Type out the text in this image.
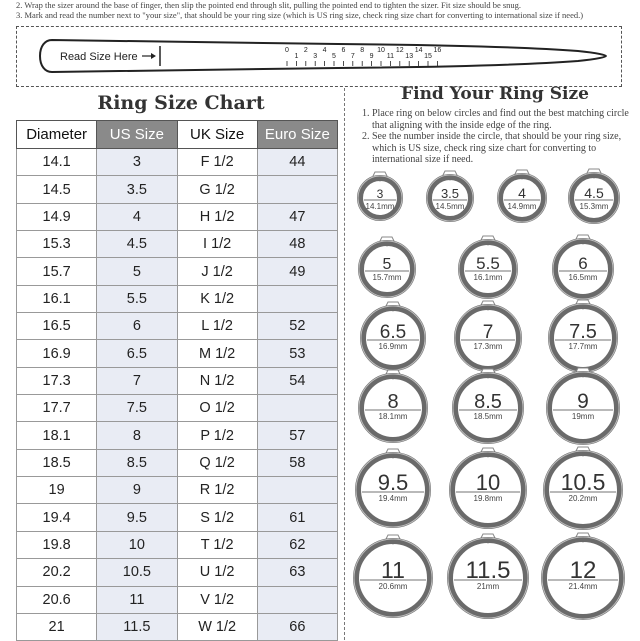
2. Wrap the sizer around the base of finger, then slip the pointed end through slit, pulling the pointed end to tighten the sizer. Fit size should be snug.
3. Mark and read the number next to "your size", that should be your ring size (which is US ring size, check ring size chart for converting to international size if need.)
Read Size Here
0
1
2
3
4
5
6
7
8
9
10
11
12
13
14
15
16
Ring Size Chart
Diameter	US Size	UK Size	Euro Size
14.1	3	F 1/2	44
14.5	3.5	G 1/2	
14.9	4	H 1/2	47
15.3	4.5	I 1/2	48
15.7	5	J 1/2	49
16.1	5.5	K 1/2	
16.5	6	L 1/2	52
16.9	6.5	M 1/2	53
17.3	7	N 1/2	54
17.7	7.5	O 1/2	
18.1	8	P 1/2	57
18.5	8.5	Q 1/2	58
19	9	R 1/2	
19.4	9.5	S 1/2	61
19.8	10	T 1/2	62
20.2	10.5	U 1/2	63
20.6	11	V 1/2	
21	11.5	W 1/2	66
Find Your Ring Size
1. Place ring on below circles and find out the best matching circle that aligning with the inside edge of the ring.
2. See the number inside the circle, that should be your ring size, which is US size, check ring size chart for converting to international size if need.
3
14.1mm
3.5
14.5mm
4
14.9mm
4.5
15.3mm
5
15.7mm
5.5
16.1mm
6
16.5mm
6.5
16.9mm
7
17.3mm
7.5
17.7mm
8
18.1mm
8.5
18.5mm
9
19mm
9.5
19.4mm
10
19.8mm
10.5
20.2mm
11
20.6mm
11.5
21mm
12
21.4mm
